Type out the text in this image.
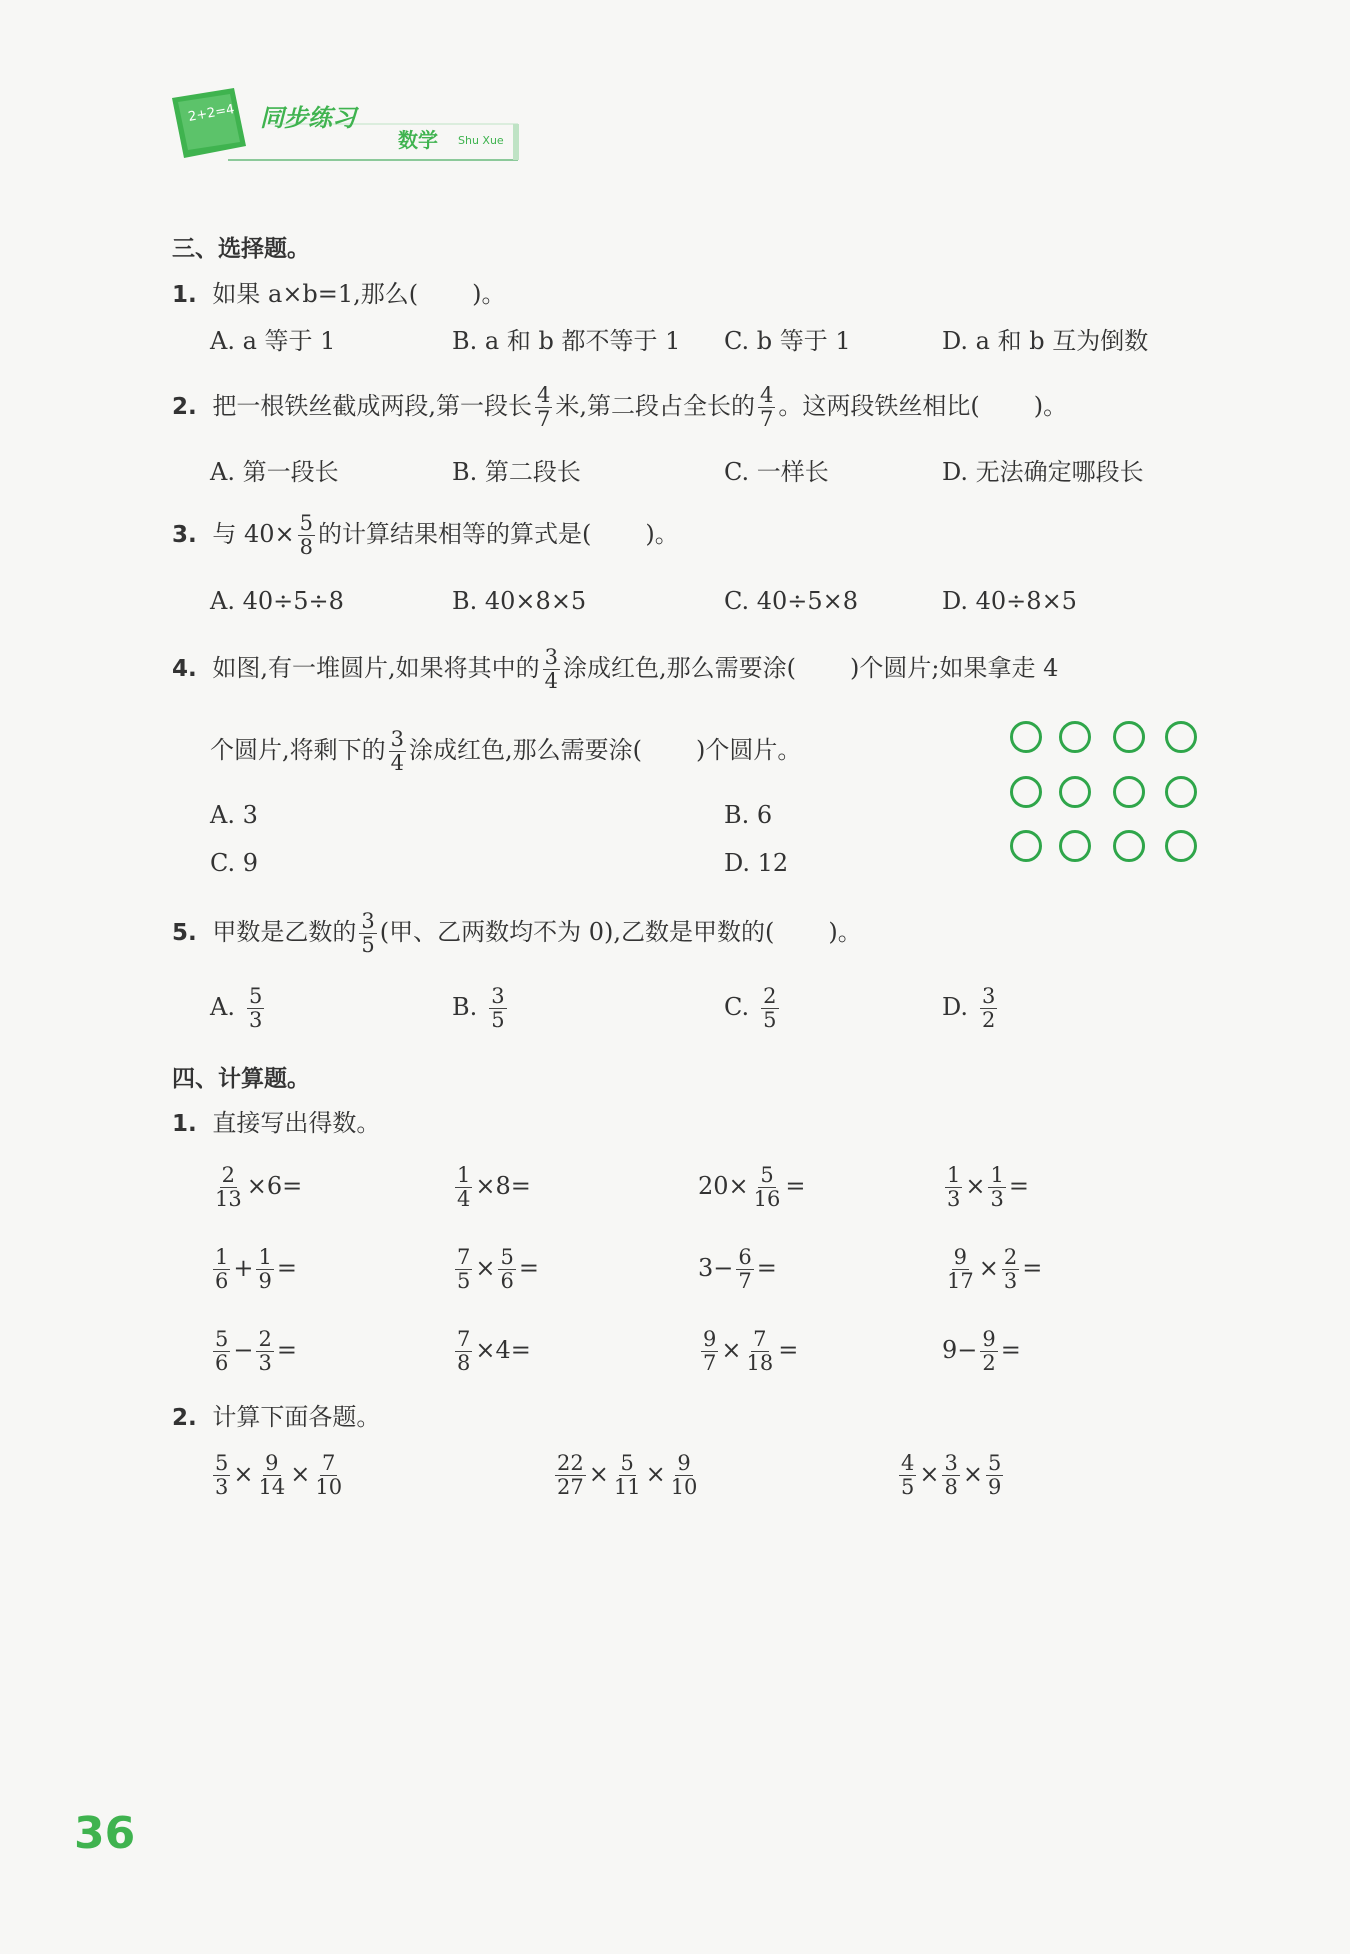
2+2=4 同步练习
数学 Shu Xue
三、选择题。
1. 如果 a×b=1,那么( )。
A. a 等于 1	B. a 和 b 都不等于 1 C. b 等于 1	D. a 和 b 互为倒数
2. 把一根铁丝截成两段,第一段长 $\frac{4}{7}$ 米,第二段占全长的 $\frac{4}{7}$ 。这两段铁丝相比( )。
A. 第一段长	B. 第二段长	C. 一样长	D. 无法确定哪段长
3. 与 $40\times \frac{5}{8}$ 的计算结果相等的算式是( )。
A. 40÷5÷8	B. 40×8×5	C. 40÷5×8	D. 40÷8×5
4. 如图,有一堆圆片,如果将其中的 $\frac{3}{4}$ 涂成红色,那么需要涂( )个圆片;如果拿走 4
个圆片,将剩下的 $\frac{3}{4}$ 涂成红色,那么需要涂( )个圆片。
A. 3	B. 6
C. 9	D. 12
5. 甲数是乙数的 $\frac{3}{5}$ (甲、乙两数均不为 0),乙数是甲数的( )。
A. $\frac{5}{3}$	B. $\frac{3}{5}$	C. $\frac{2}{5}$	D. $\frac{3}{2}$
四、计算题。
1. 直接写出得数。
$\frac{2}{13} \times 6=$	$\frac{1}{4} \times 8=$	$20\times \frac{5}{16}$ =	$\frac{1}{3} \times \frac{1}{3}$ =
$\frac{1}{6} + \frac{1}{9}$ =	$\frac{7}{5} \times \frac{5}{6}$ =	$3- \frac{6}{7}$ =	$\frac{9}{17} \times \frac{2}{3}$ =
$\frac{5}{6} - \frac{2}{3}$ =	$\frac{7}{8} \times 4=$	$\frac{9}{7} \times \frac{7}{18}$ =	$9- \frac{9}{2}$ =
2. 计算下面各题。
$\frac{5}{3} \times \frac{9}{14} \times \frac{7}{10}$	$\frac{22}{27} \times \frac{5}{11} \times \frac{9}{10}$	$\frac{4}{5} \times \frac{3}{8} \times \frac{5}{9}$
36
